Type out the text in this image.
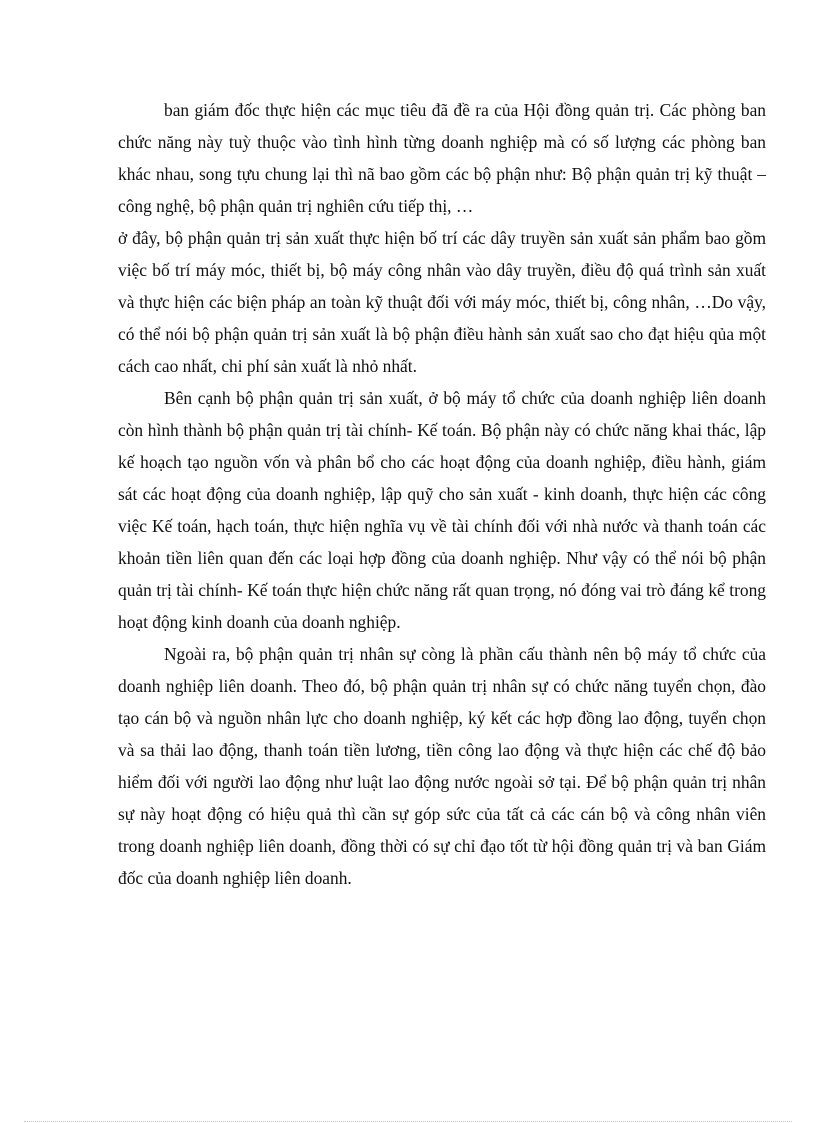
ban giám đốc thực hiện các mục tiêu đã đề ra của Hội đồng quản trị. Các phòng ban chức năng này tuỳ thuộc vào tình hình từng doanh nghiệp mà có số lượng các phòng ban khác nhau, song tựu chung lại thì nã bao gồm các bộ phận như: Bộ phận quản trị kỹ thuật – công nghệ, bộ phận quản trị nghiên cứu tiếp thị, …

ở đây, bộ phận quản trị sản xuất thực hiện bố trí các dây truyền sản xuất sản phẩm bao gồm việc bố trí máy móc, thiết bị, bộ máy công nhân vào dây truyền, điều độ quá trình sản xuất và thực hiện các biện pháp an toàn kỹ thuật đối với máy móc, thiết bị, công nhân, …Do vậy, có thể nói bộ phận quản trị sản xuất là bộ phận điều hành sản xuất sao cho đạt hiệu qủa một cách cao nhất, chi phí sản xuất là nhỏ nhất.

Bên cạnh bộ phận quản trị sản xuất, ở bộ máy tổ chức của doanh nghiệp liên doanh còn hình thành bộ phận quản trị tài chính- Kế toán. Bộ phận này có chức năng khai thác, lập kế hoạch tạo nguồn vốn và phân bổ cho các hoạt động của doanh nghiệp, điều hành, giám sát các hoạt động của doanh nghiệp, lập quỹ cho sản xuất - kinh doanh, thực hiện các công việc Kế toán, hạch toán, thực hiện nghĩa vụ về tài chính đối với nhà nước và thanh toán các khoản tiền liên quan đến các loại hợp đồng của doanh nghiệp. Như vậy có thể nói bộ phận quản trị tài chính- Kế toán thực hiện chức năng rất quan trọng, nó đóng vai trò đáng kể trong hoạt động kinh doanh của doanh nghiệp.

Ngoài ra, bộ phận quản trị nhân sự còng là phần cấu thành nên bộ máy tổ chức của doanh nghiệp liên doanh. Theo đó, bộ phận quản trị nhân sự có chức năng tuyển chọn, đào tạo cán bộ và nguồn nhân lực cho doanh nghiệp, ký kết các hợp đồng lao động, tuyển chọn và sa thải lao động, thanh toán tiền lương, tiền công lao động và thực hiện các chế độ bảo hiểm đối với người lao động như luật lao động nước ngoài sở tại. Để bộ phận quản trị nhân sự này hoạt động có hiệu quả thì cần sự góp sức của tất cả các cán bộ và công nhân viên trong doanh nghiệp liên doanh, đồng thời có sự chỉ đạo tốt từ hội đồng quản trị và ban Giám đốc của doanh nghiệp liên doanh.
